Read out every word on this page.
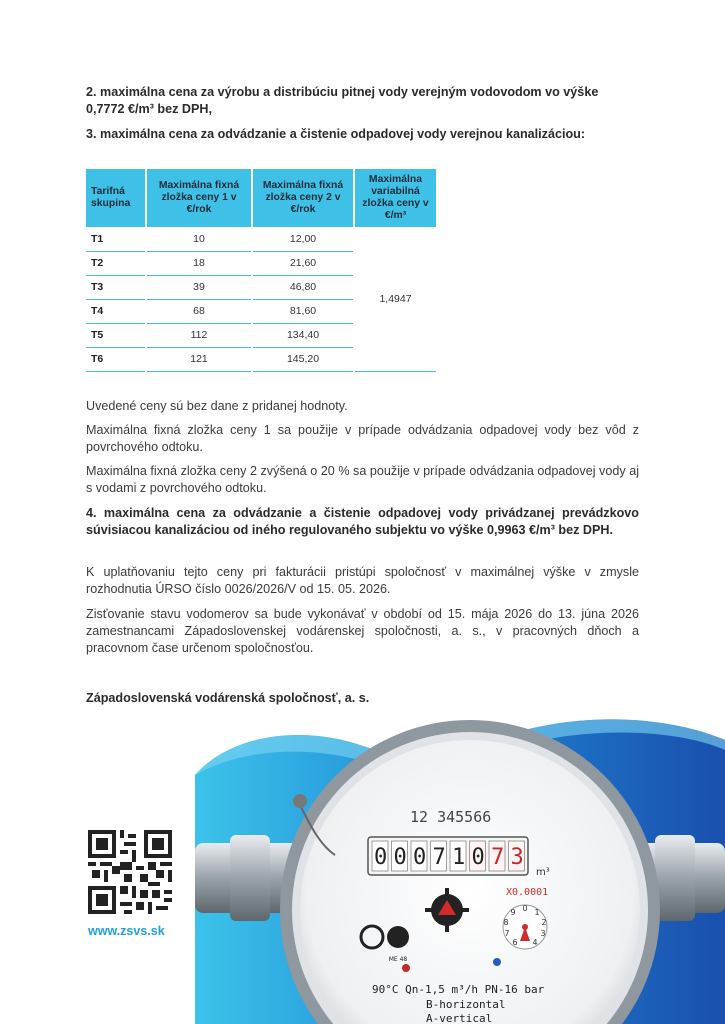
2. maximálna cena za výrobu a distribúciu pitnej vody verejným vodovodom vo výške 0,7772 €/m³ bez DPH,
3. maximálna cena za odvádzanie a čistenie odpadovej vody verejnou kanalizáciou:
Tarifná skupina	Maximálna fixná zložka ceny 1 v €/rok	Maximálna fixná zložka ceny 2 v €/rok	Maximálna variabilná zložka ceny v €/m³
T1	10	12,00	1,4947
T2	18	21,60	
T3	39	46,80	
T4	68	81,60	
T5	112	134,40	
T6	121	145,20	
Uvedené ceny sú bez dane z pridanej hodnoty.
Maximálna fixná zložka ceny 1 sa použije v prípade odvádzania odpadovej vody bez vôd z povrchového odtoku.
Maximálna fixná zložka ceny 2 zvýšená o 20 % sa použije v prípade odvádzania odpadovej vody aj s vodami z povrchového odtoku.
4. maximálna cena za odvádzanie a čistenie odpadovej vody privádzanej prevádzkovo súvisiacou kanalizáciou od iného regulovaného subjektu vo výške 0,9963 €/m³ bez DPH.
K uplatňovaniu tejto ceny pri fakturácii pristúpi spoločnosť v maximálnej výške v zmysle rozhodnutia ÚRSO číslo 0026/2026/V od 15. 05. 2026.
Zisťovanie stavu vodomerov sa bude vykonávať v období od 15. mája 2026 do 13. júna 2026 zamestnancami Západoslovenskej vodárenskej spoločnosti, a. s., v pracovných dňoch a pracovnom čase určenom spoločnosťou.
Západoslovenská vodárenská spoločnosť, a. s.
12 345566
0 0 0 7 1 0 7 3
m³
X0.0001
0 1
2
3
4
6
7
8
9
ME 48
90°C Qn-1,5 m³/h PN-16 bar
B-horizontal
A-vertical
www.zsvs.sk
